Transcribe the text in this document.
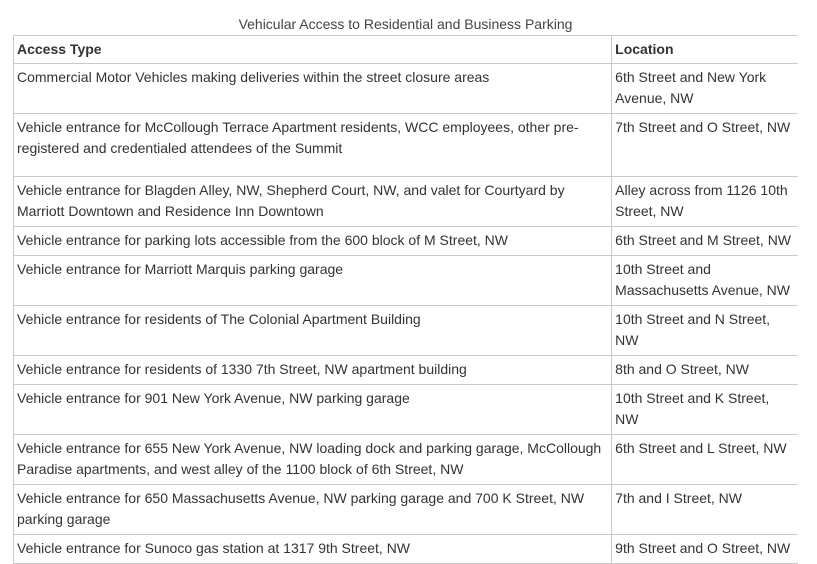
Vehicular Access to Residential and Business Parking
Access Type	Location
Commercial Motor Vehicles making deliveries within the street closure areas	6th Street and New York Avenue, NW
Vehicle entrance for McCollough Terrace Apartment residents, WCC employees, other pre-registered and credentialed attendees of the Summit	7th Street and O Street, NW
Vehicle entrance for Blagden Alley, NW, Shepherd Court, NW, and valet for Courtyard by Marriott Downtown and Residence Inn Downtown	Alley across from 1126 10th Street, NW
Vehicle entrance for parking lots accessible from the 600 block of M Street, NW	6th Street and M Street, NW
Vehicle entrance for Marriott Marquis parking garage	10th Street and Massachusetts Avenue, NW
Vehicle entrance for residents of The Colonial Apartment Building	10th Street and N Street, NW
Vehicle entrance for residents of 1330 7th Street, NW apartment building	8th and O Street, NW
Vehicle entrance for 901 New York Avenue, NW parking garage	10th Street and K Street, NW
Vehicle entrance for 655 New York Avenue, NW loading dock and parking garage, McCollough Paradise apartments, and west alley of the 1100 block of 6th Street, NW	6th Street and L Street, NW
Vehicle entrance for 650 Massachusetts Avenue, NW parking garage and 700 K Street, NW parking garage	7th and I Street, NW
Vehicle entrance for Sunoco gas station at 1317 9th Street, NW	9th Street and O Street, NW
